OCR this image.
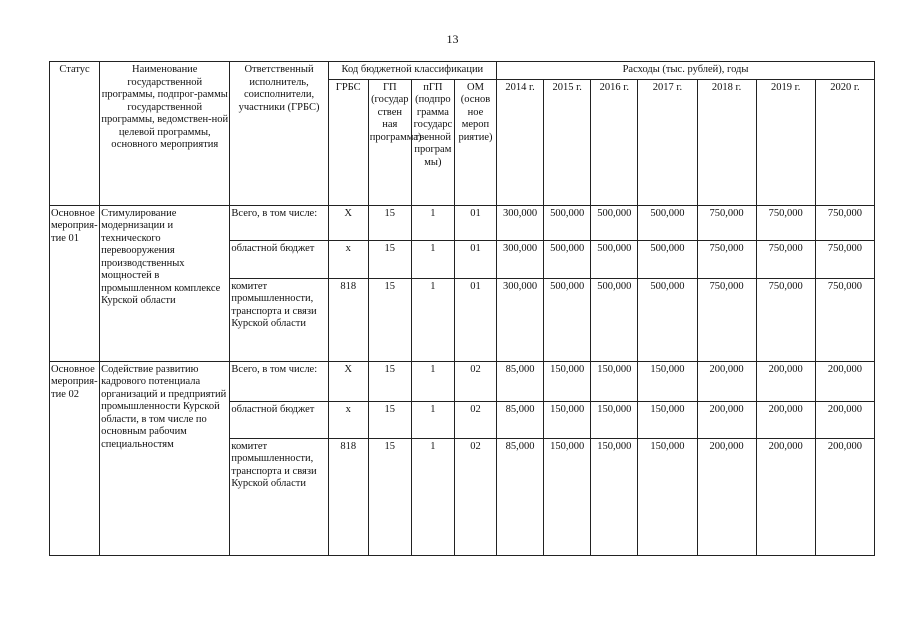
13
Статус	Наименование государственной программы, подпрог-раммы государственной программы, ведомствен-ной целевой программы, основного мероприятия	Ответственный исполнитель, соисполнители, участники (ГРБС)	Код бюджетной классификации				Расходы (тыс. рублей), годы						
			ГРБС	ГП (государ ствен ная программа)	пГП (подпро грамма государс твенной програм мы)	ОМ (основ ное мероп риятие)	2014 г.	2015 г.	2016 г.	2017 г.	2018 г.	2019 г.	2020 г.
Основное мероприя-тие 01	Стимулирование модернизации и технического перевооружения производственных мощностей в промышленном комплексе Курской области	Всего, в том числе:	Х	15	1	01	300,000	500,000	500,000	500,000	750,000	750,000	750,000
		областной бюджет	х	15	1	01	300,000	500,000	500,000	500,000	750,000	750,000	750,000
		комитет промышленности, транспорта и связи Курской области	818	15	1	01	300,000	500,000	500,000	500,000	750,000	750,000	750,000
Основное мероприя-тие 02	Содействие развитию кадрового потенциала организаций и предприятий промышленности Курской области, в том числе по основным рабочим специальностям	Всего, в том числе:	Х	15	1	02	85,000	150,000	150,000	150,000	200,000	200,000	200,000
		областной бюджет	х	15	1	02	85,000	150,000	150,000	150,000	200,000	200,000	200,000
		комитет промышленности, транспорта и связи Курской области	818	15	1	02	85,000	150,000	150,000	150,000	200,000	200,000	200,000
